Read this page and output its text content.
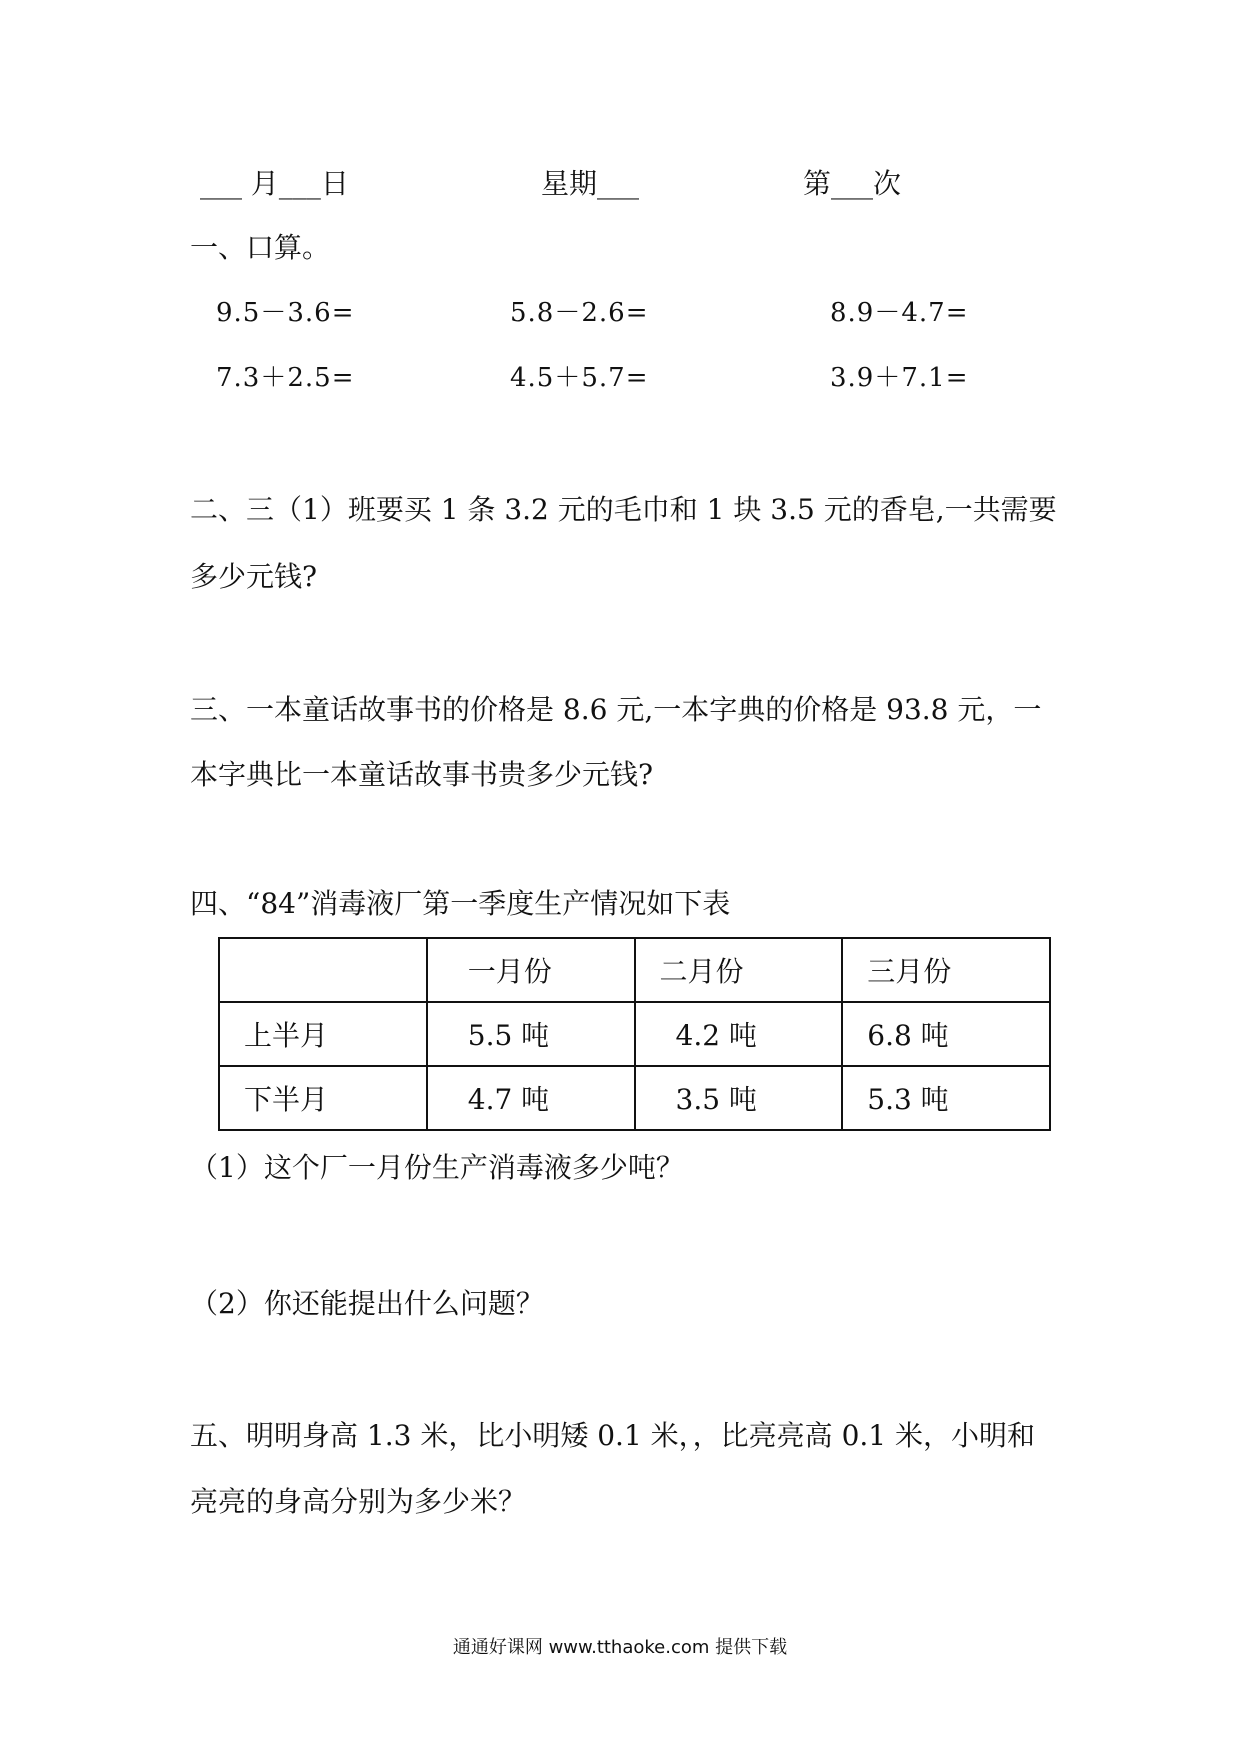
___ 月___日	星期___	第___次
一、口算。
9.5－3.6=	5.8－2.6=	8.9－4.7=
7.3＋2.5=	4.5＋5.7=	3.9＋7.1=
二、三（1）班要买 1 条 3.2 元的毛巾和 1 块 3.5 元的香皂,一共需要
多少元钱?
三、一本童话故事书的价格是 8.6 元,一本字典的价格是 93.8 元，一
本字典比一本童话故事书贵多少元钱?
四、“84”消毒液厂第一季度生产情况如下表
	一月份	二月份	三月份
上半月	5.5 吨	4.2 吨	6.8 吨
下半月	4.7 吨	3.5 吨	5.3 吨
（1）这个厂一月份生产消毒液多少吨？
（2）你还能提出什么问题？
五、明明身高 1.3 米，比小明矮 0.1 米，，比亮亮高 0.1 米，小明和
亮亮的身高分别为多少米？
通通好课网 www.tthaoke.com 提供下载
